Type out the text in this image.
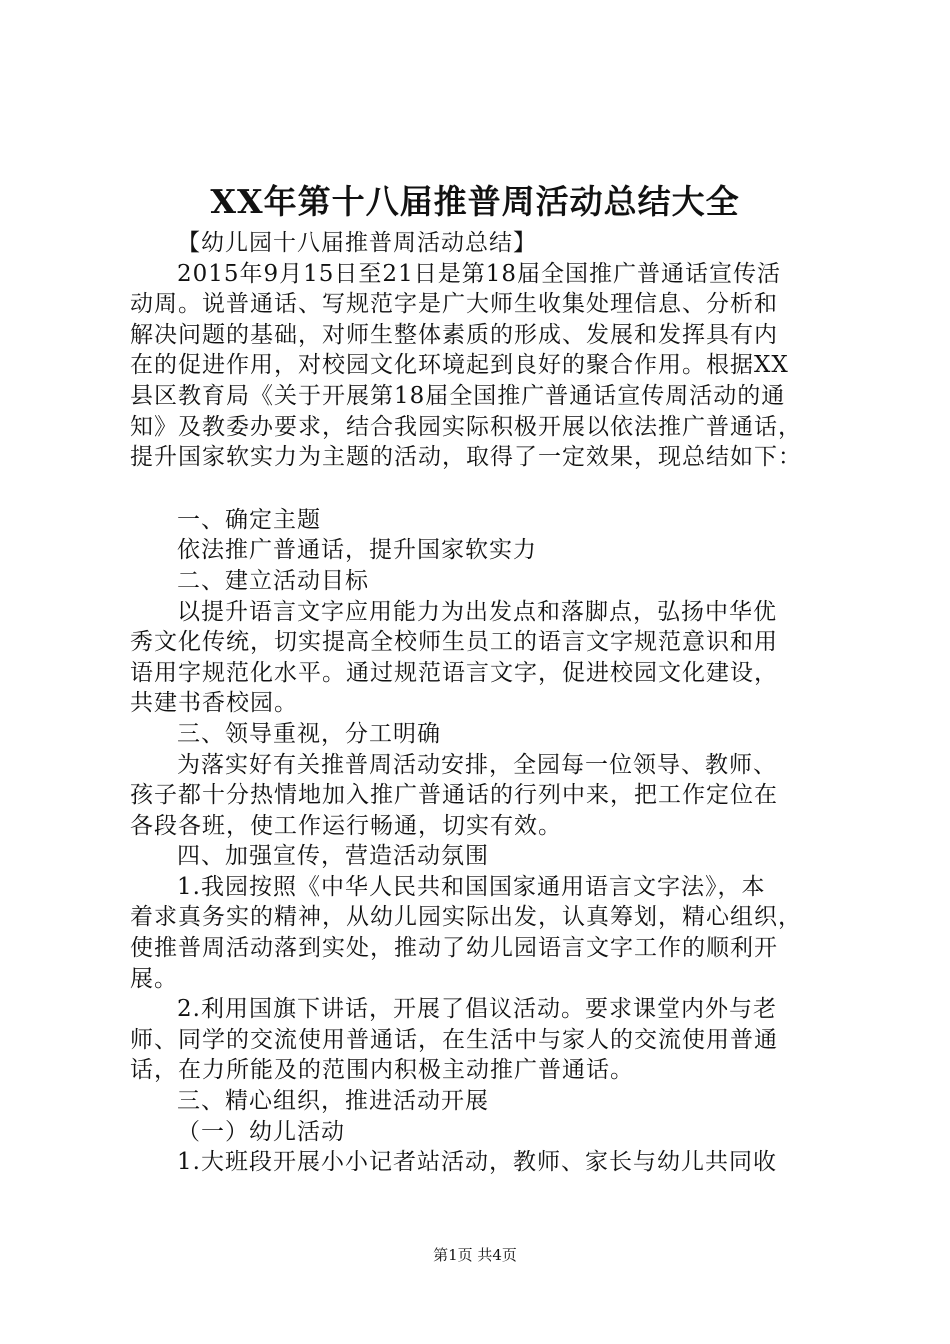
XX年第十八届推普周活动总结大全
【幼儿园十八届推普周活动总结】
2015年9月15日至21日是第18届全国推广普通话宣传活
动周。说普通话、写规范字是广大师生收集处理信息、分析和
解决问题的基础，对师生整体素质的形成、发展和发挥具有内
在的促进作用，对校园文化环境起到良好的聚合作用。根据XX
县区教育局《关于开展第18届全国推广普通话宣传周活动的通
知》及教委办要求，结合我园实际积极开展以依法推广普通话，
提升国家软实力为主题的活动，取得了一定效果，现总结如下：
一、确定主题
依法推广普通话，提升国家软实力
二、建立活动目标
以提升语言文字应用能力为出发点和落脚点，弘扬中华优
秀文化传统，切实提高全校师生员工的语言文字规范意识和用
语用字规范化水平。通过规范语言文字，促进校园文化建设，
共建书香校园。
三、领导重视，分工明确
为落实好有关推普周活动安排，全园每一位领导、教师、
孩子都十分热情地加入推广普通话的行列中来，把工作定位在
各段各班，使工作运行畅通，切实有效。
四、加强宣传，营造活动氛围
1.我园按照《中华人民共和国国家通用语言文字法》，本
着求真务实的精神，从幼儿园实际出发，认真筹划，精心组织，
使推普周活动落到实处，推动了幼儿园语言文字工作的顺利开
展。
2.利用国旗下讲话，开展了倡议活动。要求课堂内外与老
师、同学的交流使用普通话，在生活中与家人的交流使用普通
话，在力所能及的范围内积极主动推广普通话。
三、精心组织，推进活动开展
（一）幼儿活动
1.大班段开展小小记者站活动，教师、家长与幼儿共同收
第1页 共4页
